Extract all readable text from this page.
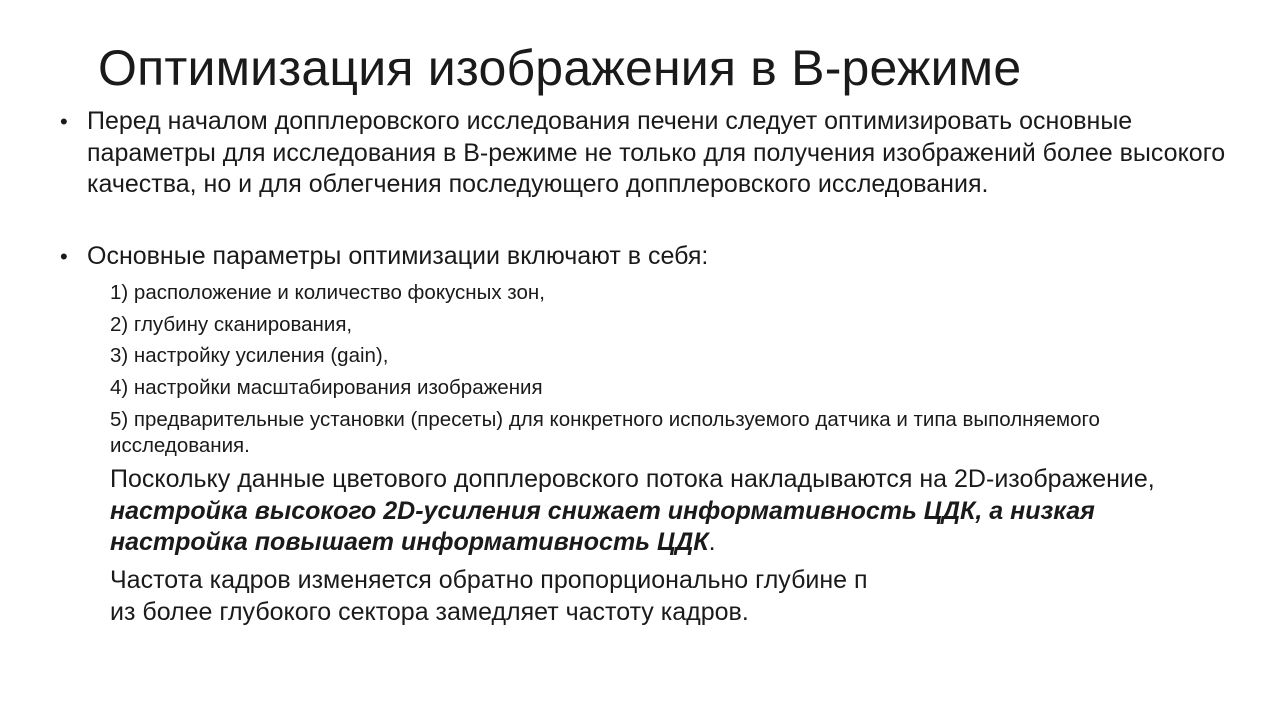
Оптимизация изображения в В-режиме
• Перед началом допплеровского исследования печени следует оптимизировать основные параметры для исследования в В-режиме не только для получения изображений более высокого качества, но и для облегчения последующего допплеровского исследования.
• Основные параметры оптимизации включают в себя:
1) расположение и количество фокусных зон,
2) глубину сканирования,
3) настройку усиления (gain),
4) настройки масштабирования изображения
5) предварительные установки (пресеты) для конкретного используемого датчика и типа выполняемого исследования.
Поскольку данные цветового допплеровского потока накладываются на 2D-изображение, настройка высокого 2D-усиления снижает информативность ЦДК, а низкая настройка повышает информативность ЦДК.
Частота кадров изменяется обратно пропорционально глубине п
из более глубокого сектора замедляет частоту кадров.
